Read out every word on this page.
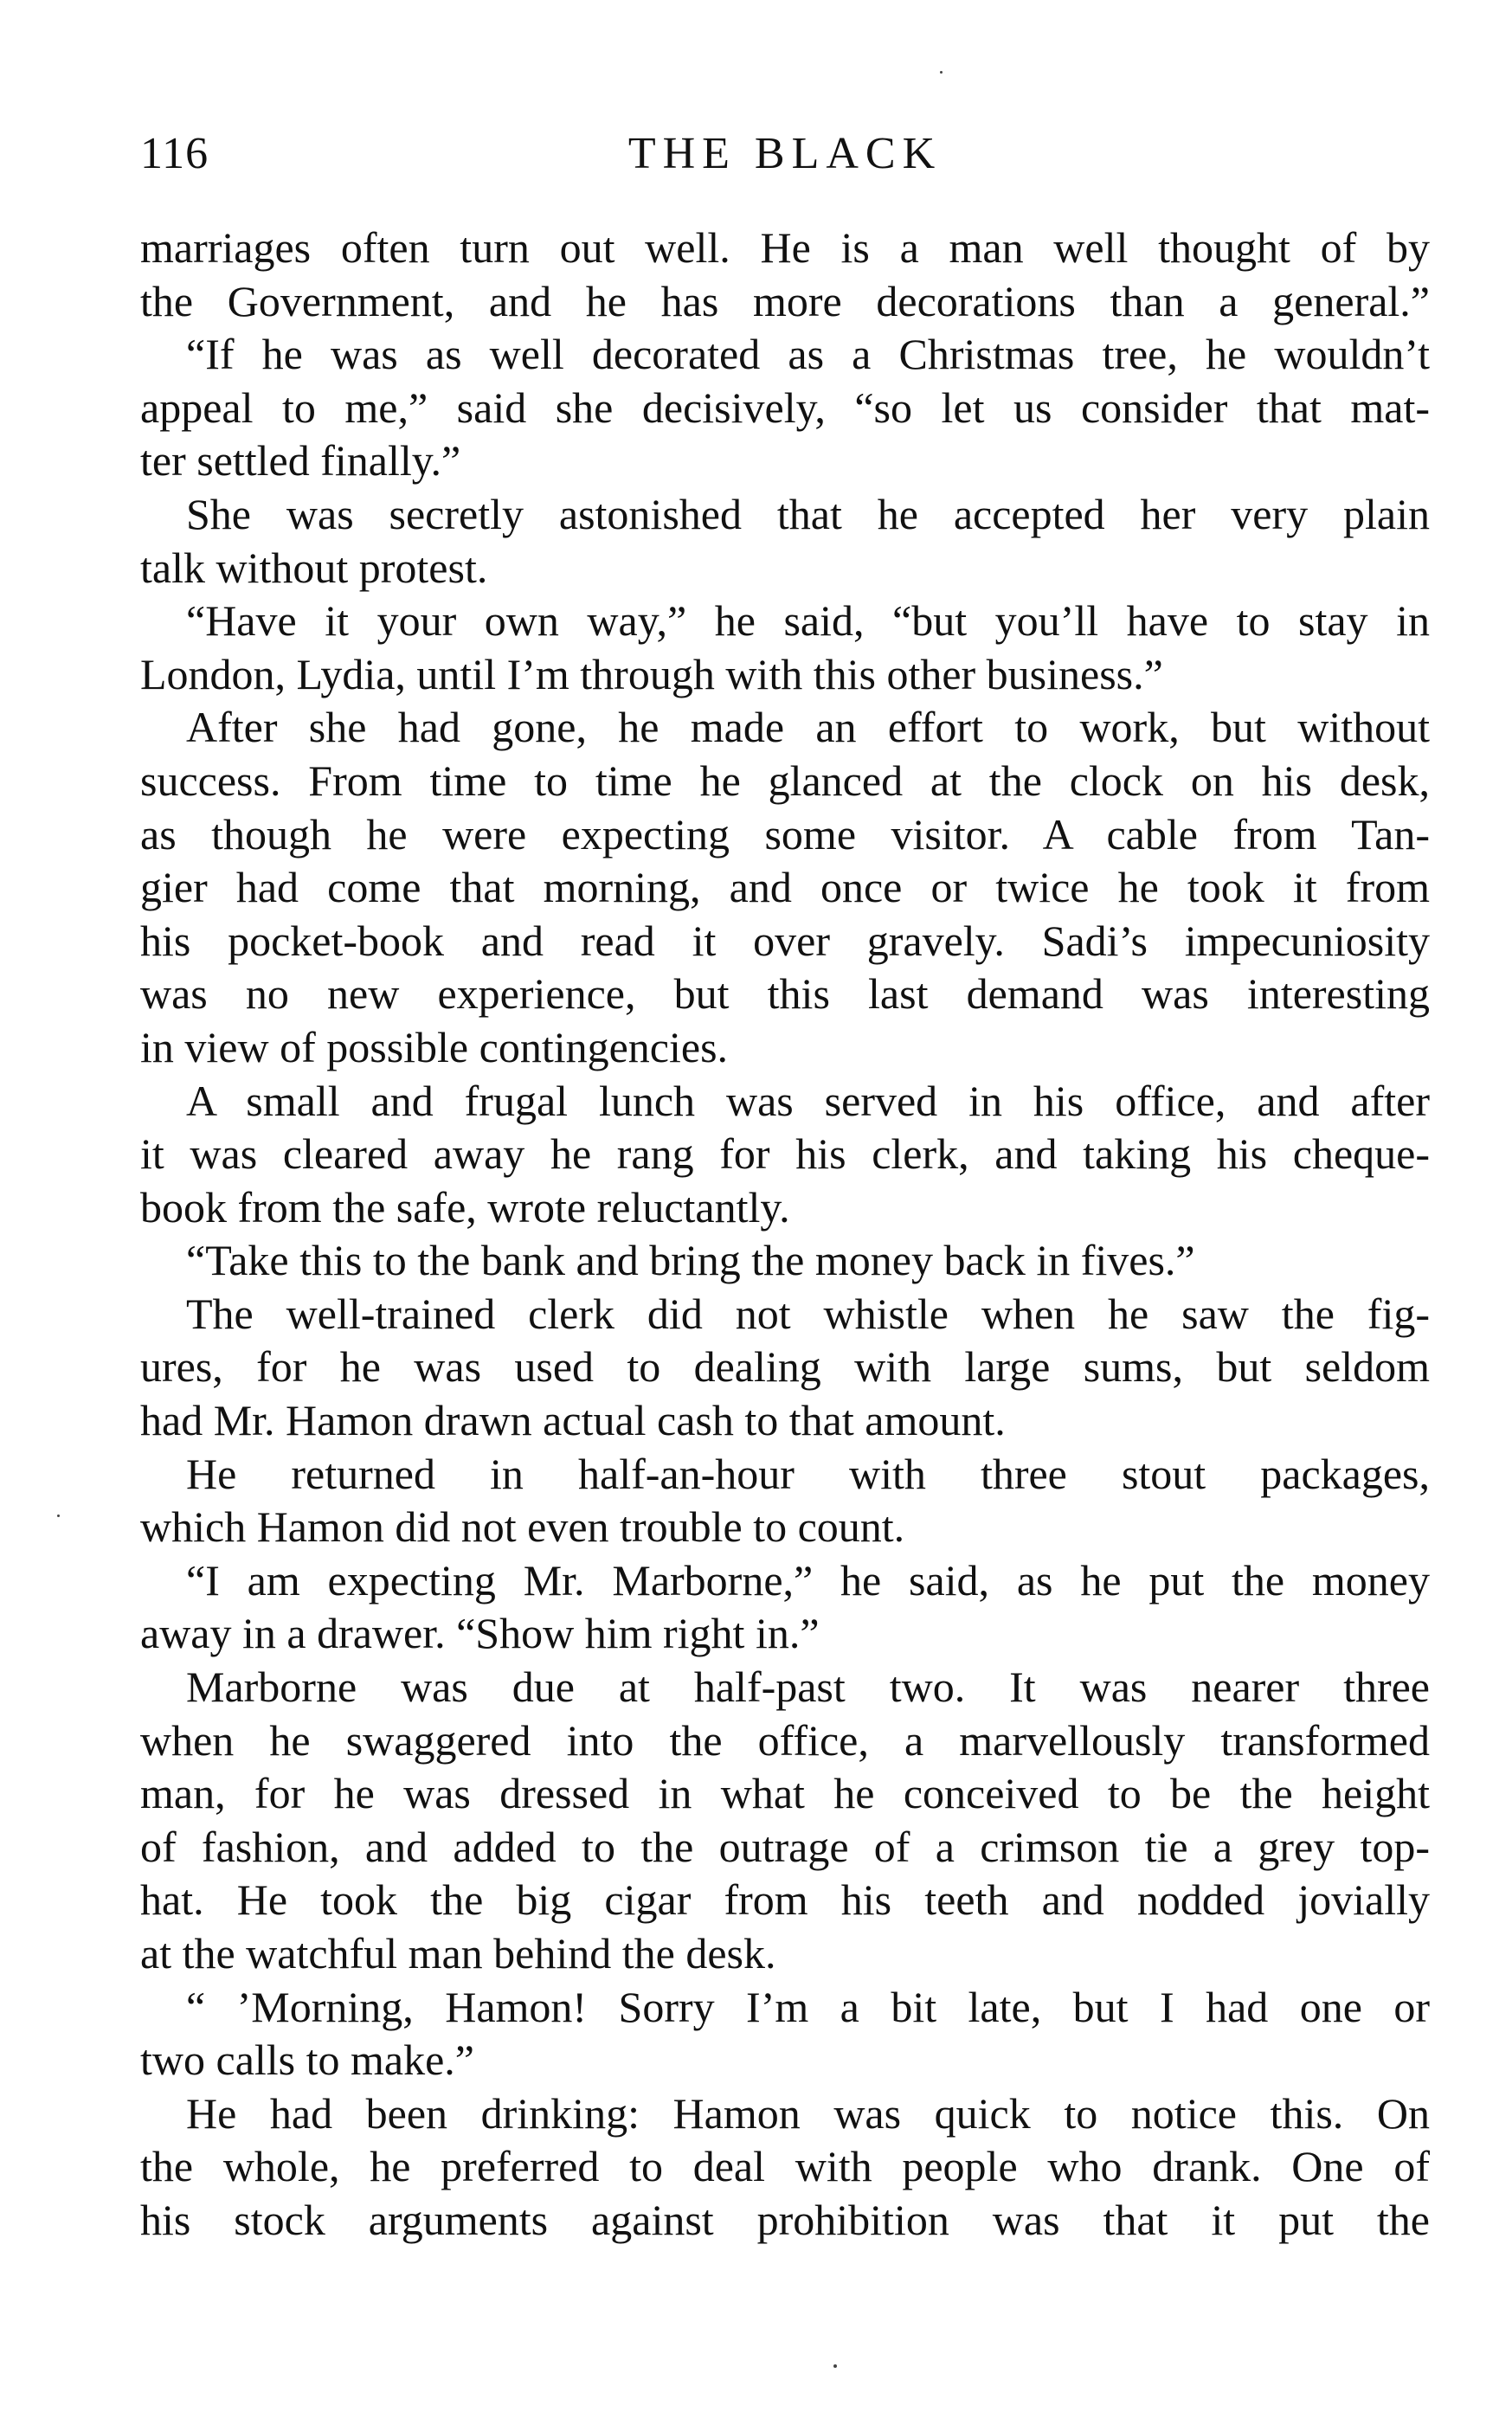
116	THE BLACK
marriages often turn out well. He is a man well thought of by
the Government, and he has more decorations than a general.”
“If he was as well decorated as a Christmas tree, he wouldn’t
appeal to me,” said she decisively, “so let us consider that mat-
ter settled finally.”
She was secretly astonished that he accepted her very plain
talk without protest.
“Have it your own way,” he said, “but you’ll have to stay in
London, Lydia, until I’m through with this other business.”
After she had gone, he made an effort to work, but without
success. From time to time he glanced at the clock on his desk,
as though he were expecting some visitor. A cable from Tan-
gier had come that morning, and once or twice he took it from
his pocket-book and read it over gravely. Sadi’s impecuniosity
was no new experience, but this last demand was interesting
in view of possible contingencies.
A small and frugal lunch was served in his office, and after
it was cleared away he rang for his clerk, and taking his cheque-
book from the safe, wrote reluctantly.
“Take this to the bank and bring the money back in fives.”
The well-trained clerk did not whistle when he saw the fig-
ures, for he was used to dealing with large sums, but seldom
had Mr. Hamon drawn actual cash to that amount.
He returned in half-an-hour with three stout packages,
which Hamon did not even trouble to count.
“I am expecting Mr. Marborne,” he said, as he put the money
away in a drawer. “Show him right in.”
Marborne was due at half-past two. It was nearer three
when he swaggered into the office, a marvellously transformed
man, for he was dressed in what he conceived to be the height
of fashion, and added to the outrage of a crimson tie a grey top-
hat. He took the big cigar from his teeth and nodded jovially
at the watchful man behind the desk.
“ ’Morning, Hamon! Sorry I’m a bit late, but I had one or
two calls to make.”
He had been drinking: Hamon was quick to notice this. On
the whole, he preferred to deal with people who drank. One of
his stock arguments against prohibition was that it put the
